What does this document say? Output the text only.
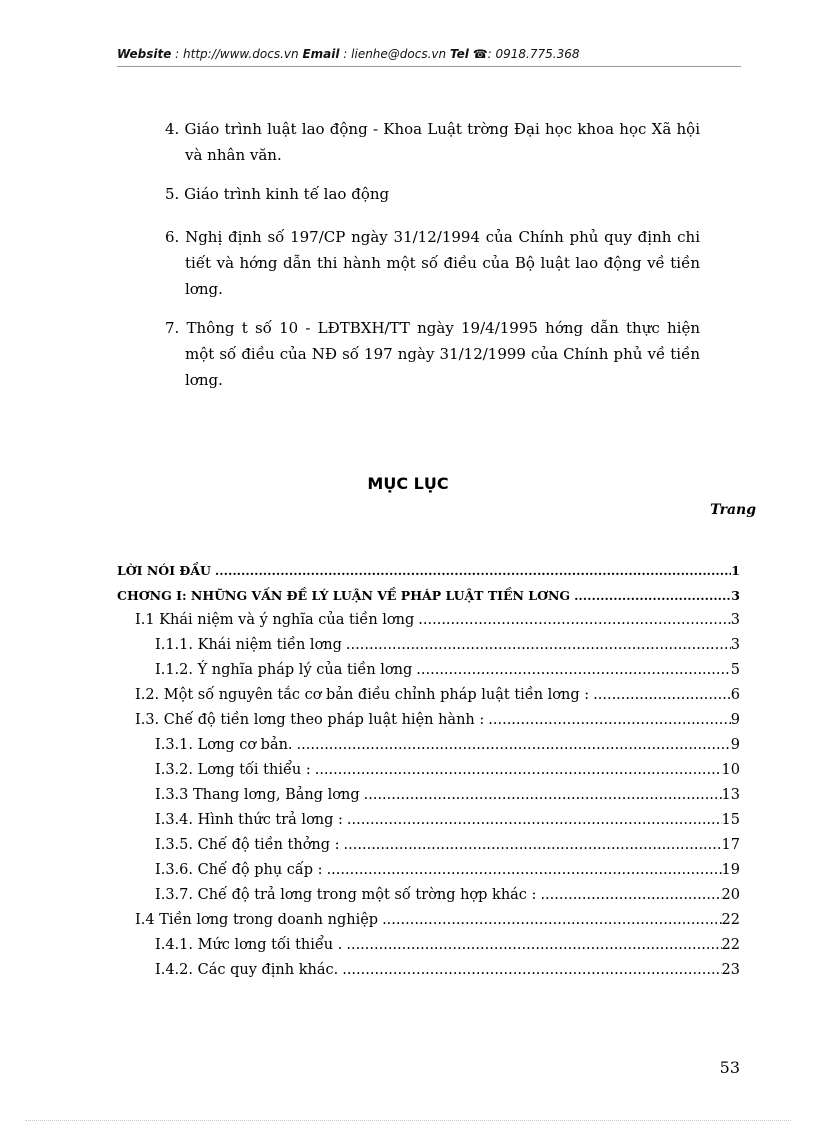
Website : http://www.docs.vn Email : lienhe@docs.vn Tel ☎: 0918.775.368
4. Giáo trình luật lao động - Khoa Luật trờng Đại học khoa học Xã hội và nhân văn.
5. Giáo trình kinh tế lao động
6. Nghị định số 197/CP ngày 31/12/1994 của Chính phủ quy định chi tiết và hớng dẫn thi hành một số điều của Bộ luật lao động về tiền lơng.
7. Thông t số 10 - LĐTBXH/TT ngày 19/4/1995 hớng dẫn thực hiện một số điều của NĐ số 197 ngày 31/12/1999 của Chính phủ về tiền lơng.
MỤC LỤC
Trang
LỜI NÓI ĐẦU .....	1
CHƠNG I: NHỮNG VẤN ĐỀ LÝ LUẬN VỀ PHÁP LUẬT TIỀN LƠNG .....	3
I.1 Khái niệm và ý nghĩa của tiền lơng .....	3
I.1.1. Khái niệm tiền lơng .....	3
I.1.2. Ý nghĩa pháp lý của tiền lơng .....	5
I.2. Một số nguyên tắc cơ bản điều chỉnh pháp luật tiền lơng : .....	6
I.3. Chế độ tiền lơng theo pháp luật hiện hành : .....	9
I.3.1. Lơng cơ bản. .....	9
I.3.2. Lơng tối thiểu : .....	10
I.3.3 Thang lơng, Bảng lơng .....	13
I.3.4. Hình thức trả lơng : .....	15
I.3.5. Chế độ tiền thởng : .....	17
I.3.6. Chế độ phụ cấp : .....	19
I.3.7. Chế độ trả lơng trong một số trờng hợp khác : .....	20
I.4 Tiền lơng trong doanh nghiệp .....	22
I.4.1. Mức lơng tối thiểu . .....	22
I.4.2. Các quy định khác. .....	23
53
